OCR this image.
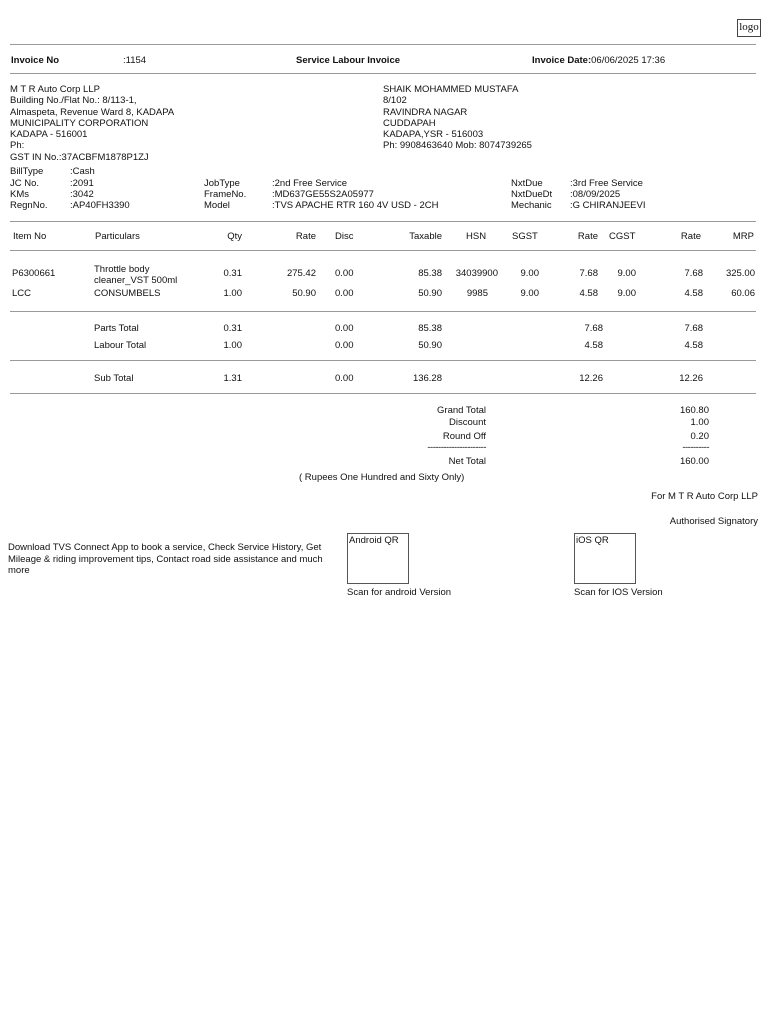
logo
Invoice No	:1154	Service Labour Invoice	Invoice Date:06/06/2025 17:36
M T R Auto Corp LLP
Building No./Flat No.: 8/113-1,
Almaspeta, Revenue Ward 8, KADAPA
MUNICIPALITY CORPORATION
KADAPA - 516001
Ph:
GST IN No.:37ACBFM1878P1ZJ
SHAIK MOHAMMED MUSTAFA
8/102
RAVINDRA NAGAR
CUDDAPAH
KADAPA,YSR - 516003
Ph: 9908463640 Mob: 8074739265
BillType	:Cash
JC No.	:2091
KMs	:3042
RegnNo. :AP40FH3390
JobType	:2nd Free Service
FrameNo.	:MD637GE55S2A05977
Model	:TVS APACHE RTR 160 4V USD - 2CH
NxtDue	:3rd Free Service
NxtDueDt :08/09/2025
Mechanic :G CHIRANJEEVI
Item No	Particulars	Qty	Rate Disc	Taxable	HSN	SGST	Rate CGST	Rate	MRP
P6300661	Throttle body
cleaner_VST 500ml
0.31	275.42 0.00	85.38	34039900	9.00	7.68	9.00	7.68	325.00
LCC	CONSUMBELS	1.00	50.90 0.00	50.90	9985	9.00	4.58	9.00	4.58	60.06
Parts Total	0.31	0.00	85.38	7.68	7.68
Labour Total	1.00	0.00	50.90	4.58	4.58
Sub Total	1.31	0.00	136.28	12.26	12.26
Grand Total	160.80
Discount	1.00
Round Off	0.20
----------------------	----------
Net Total	160.00
( Rupees One Hundred and Sixty Only)
For M T R Auto Corp LLP
Authorised Signatory
Download TVS Connect App to book a service, Check Service History, Get
Mileage & riding improvement tips, Contact road side assistance and much
more
Android QR
Scan for android Version
iOS QR
Scan for IOS Version
